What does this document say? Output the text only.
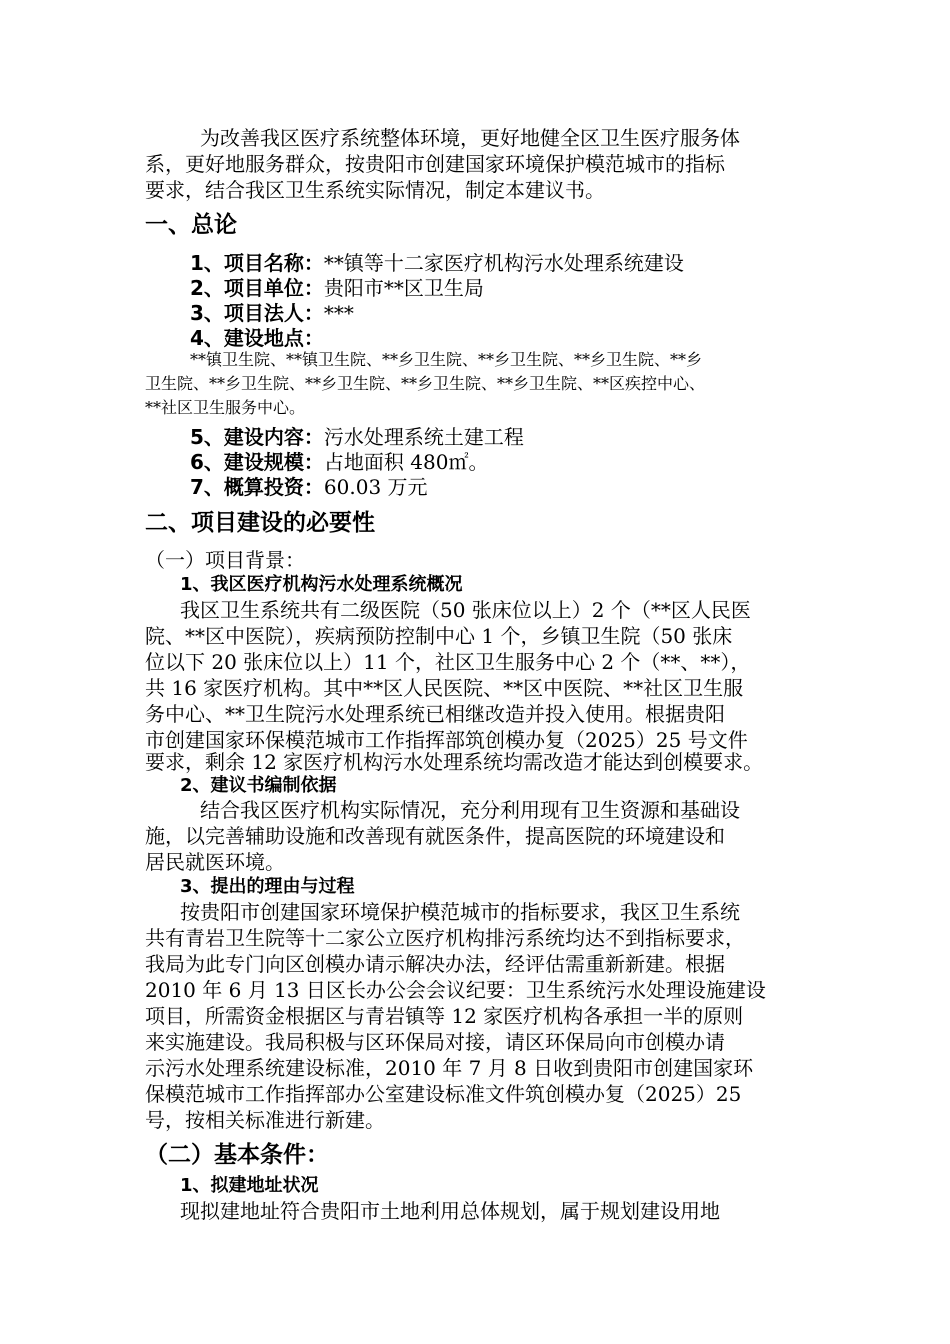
为改善我区医疗系统整体环境，更好地健全区卫生医疗服务体
系，更好地服务群众，按贵阳市创建国家环境保护模范城市的指标
要求，结合我区卫生系统实际情况，制定本建议书。
一、总论
1、项目名称：**镇等十二家医疗机构污水处理系统建设
2、项目单位：贵阳市**区卫生局
3、项目法人：***
4、建设地点：
**镇卫生院、**镇卫生院、**乡卫生院、**乡卫生院、**乡卫生院、**乡
卫生院、**乡卫生院、**乡卫生院、**乡卫生院、**乡卫生院、**区疾控中心、
**社区卫生服务中心。
5、建设内容：污水处理系统土建工程
6、建设规模：占地面积 480㎡。
7、概算投资：60.03 万元
二、项目建设的必要性
（一）项目背景：
1、我区医疗机构污水处理系统概况
我区卫生系统共有二级医院（50 张床位以上）2 个（**区人民医
院、**区中医院），疾病预防控制中心 1 个，乡镇卫生院（50 张床
位以下 20 张床位以上）11 个，社区卫生服务中心 2 个（**、**），
共 16 家医疗机构。其中**区人民医院、**区中医院、**社区卫生服
务中心、**卫生院污水处理系统已相继改造并投入使用。根据贵阳
市创建国家环保模范城市工作指挥部筑创模办复（2025）25 号文件
要求，剩余 12 家医疗机构污水处理系统均需改造才能达到创模要求。
2、建议书编制依据
结合我区医疗机构实际情况，充分利用现有卫生资源和基础设
施，以完善辅助设施和改善现有就医条件，提高医院的环境建设和
居民就医环境。
3、提出的理由与过程
按贵阳市创建国家环境保护模范城市的指标要求，我区卫生系统
共有青岩卫生院等十二家公立医疗机构排污系统均达不到指标要求，
我局为此专门向区创模办请示解决办法，经评估需重新新建。根据
2010 年 6 月 13 日区长办公会会议纪要：卫生系统污水处理设施建设
项目，所需资金根据区与青岩镇等 12 家医疗机构各承担一半的原则
来实施建设。我局积极与区环保局对接，请区环保局向市创模办请
示污水处理系统建设标准，2010 年 7 月 8 日收到贵阳市创建国家环
保模范城市工作指挥部办公室建设标准文件筑创模办复（2025）25
号，按相关标准进行新建。
（二）基本条件：
1、拟建地址状况
现拟建地址符合贵阳市土地利用总体规划，属于规划建设用地
